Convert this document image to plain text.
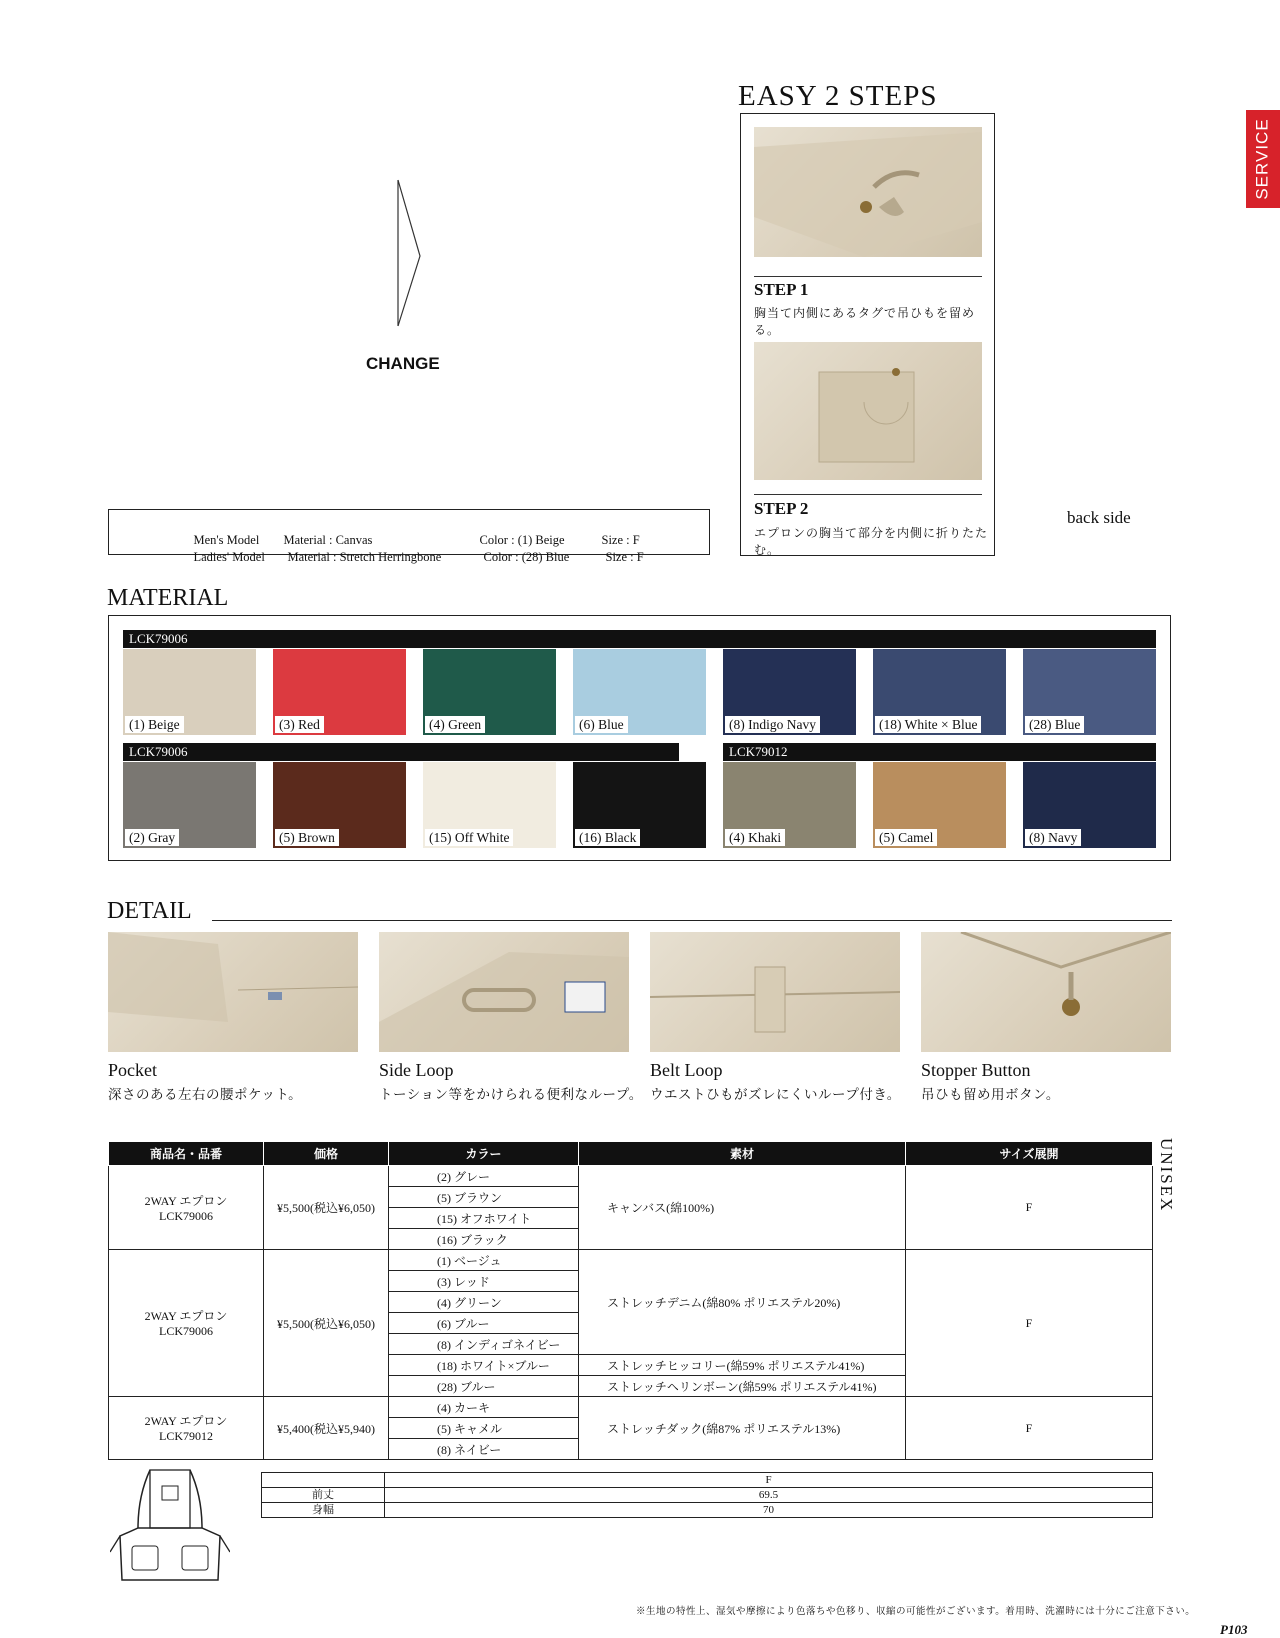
SERVICE
CHANGE
EASY 2 STEPS
STEP 1
胸当て内側にあるタグで吊ひもを留める。
STEP 2
エプロンの胸当て部分を内側に折りたたむ。
back side

Men's Model Material : Canvas	Color : (1) Beige	Size : F

Ladies' Model Material : Stretch Herringbone	Color : (28) Blue	Size : F

MATERIAL
LCK79006
LCK79006	LCK79012
(1) Beige	(3) Red	(4) Green	(6) Blue	(8) Indigo Navy	(18) White × Blue	(28) Blue
(2) Gray	(5) Brown	(15) Off White	(16) Black	(4) Khaki	(5) Camel	(8) Navy
DETAIL
Pocket
深さのある左右の腰ポケット。
Side Loop
トーション等をかけられる便利なループ。
Belt Loop
ウエストひもがズレにくいループ付き。
Stopper Button
吊ひも留め用ボタン。
商品名・品番	価格	カラー	素材	サイズ展開
2WAY エプロン
LCK79006	¥5,500(税込¥6,050)	(2) グレー	キャンバス(綿100%)	F
		(5) ブラウン		
		(15) オフホワイト		
		(16) ブラック		
2WAY エプロン
LCK79006	¥5,500(税込¥6,050)	(1) ベージュ	ストレッチデニム(綿80% ポリエステル20%)	F
		(3) レッド		
		(4) グリーン		
		(6) ブルー		
		(8) インディゴネイビー		
		(18) ホワイト×ブルー	ストレッチヒッコリー(綿59% ポリエステル41%)	
		(28) ブルー	ストレッチヘリンボーン(綿59% ポリエステル41%)	
2WAY エプロン
LCK79012	¥5,400(税込¥5,940)	(4) カーキ	ストレッチダック(綿87% ポリエステル13%)	F
		(5) キャメル		
		(8) ネイビー		
UNISEX
	F
前丈	69.5
身幅	70
※生地の特性上、湿気や摩擦により色落ちや色移り、収縮の可能性がございます。着用時、洗濯時には十分にご注意下さい。
P103
